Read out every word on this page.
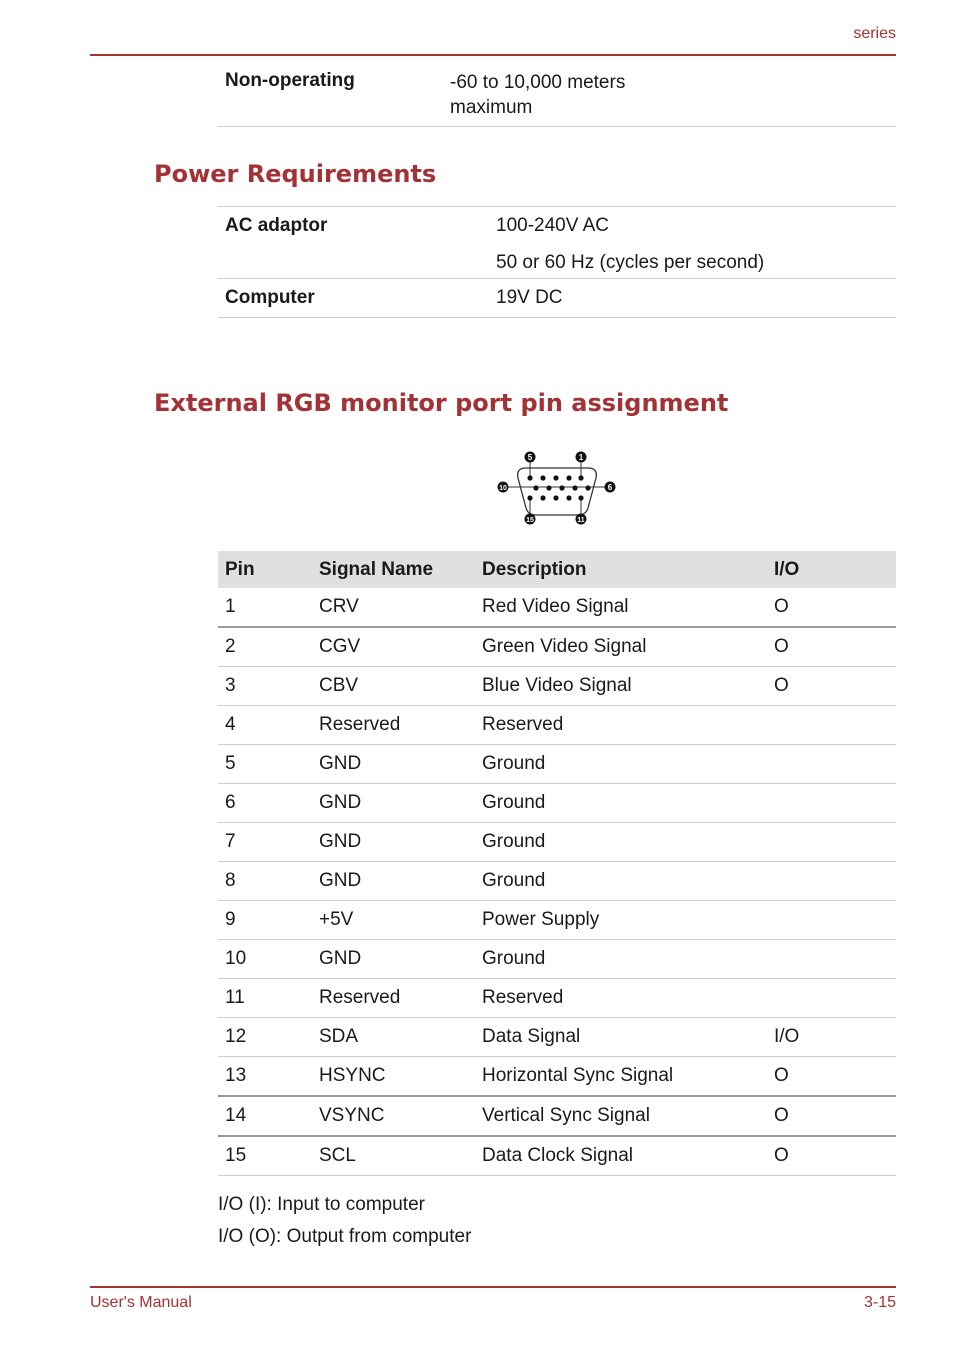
series
Non-operating	-60 to 10,000 meters maximum
Power Requirements
AC adaptor	100-240V AC
50 or 60 Hz (cycles per second)
Computer	19V DC
External RGB monitor port pin assignment
5	1
10	6
15	11
Pin	Signal Name	Description	I/O
1	CRV	Red Video Signal	O
2	CGV	Green Video Signal	O
3	CBV	Blue Video Signal	O
4	Reserved	Reserved	
5	GND	Ground	
6	GND	Ground	
7	GND	Ground	
8	GND	Ground	
9	+5V	Power Supply	
10	GND	Ground	
11	Reserved	Reserved	
12	SDA	Data Signal	I/O
13	HSYNC	Horizontal Sync Signal	O
14	VSYNC	Vertical Sync Signal	O
15	SCL	Data Clock Signal	O
I/O (I): Input to computer
I/O (O): Output from computer
User's Manual	3-15
